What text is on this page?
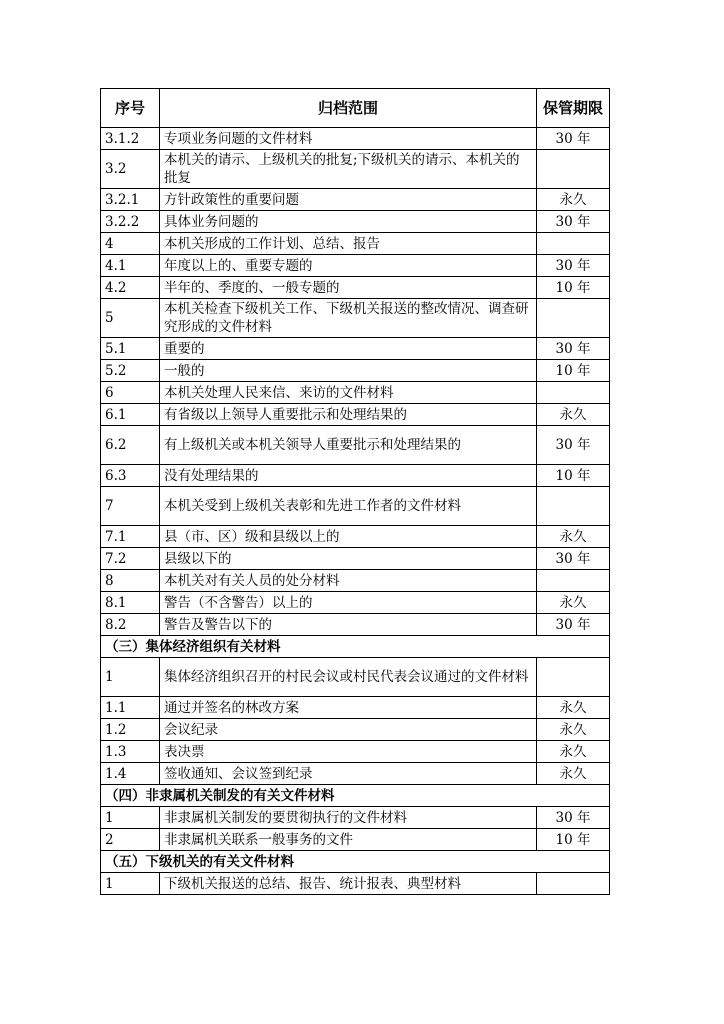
序号	归档范围	保管期限
3.1.2	专项业务问题的文件材料	30 年
3.2	本机关的请示、上级机关的批复;下级机关的请示、本机关的批复	
3.2.1	方针政策性的重要问题	永久
3.2.2	具体业务问题的	30 年
4	本机关形成的工作计划、总结、报告	
4.1	年度以上的、重要专题的	30 年
4.2	半年的、季度的、一般专题的	10 年
5	本机关检查下级机关工作、下级机关报送的整改情况、调查研究形成的文件材料	
5.1	重要的	30 年
5.2	一般的	10 年
6	本机关处理人民来信、来访的文件材料	
6.1	有省级以上领导人重要批示和处理结果的	永久
6.2	有上级机关或本机关领导人重要批示和处理结果的	30 年
6.3	没有处理结果的	10 年
7	本机关受到上级机关表彰和先进工作者的文件材料	
7.1	县（市、区）级和县级以上的	永久
7.2	县级以下的	30 年
8	本机关对有关人员的处分材料	
8.1	警告（不含警告）以上的	永久
8.2	警告及警告以下的	30 年
（三）集体经济组织有关材料		
1	集体经济组织召开的村民会议或村民代表会议通过的文件材料	
1.1	通过并签名的林改方案	永久
1.2	会议纪录	永久
1.3	表决票	永久
1.4	签收通知、会议签到纪录	永久
（四）非隶属机关制发的有关文件材料		
1	非隶属机关制发的要贯彻执行的文件材料	30 年
2	非隶属机关联系一般事务的文件	10 年
（五）下级机关的有关文件材料		
1	下级机关报送的总结、报告、统计报表、典型材料	
